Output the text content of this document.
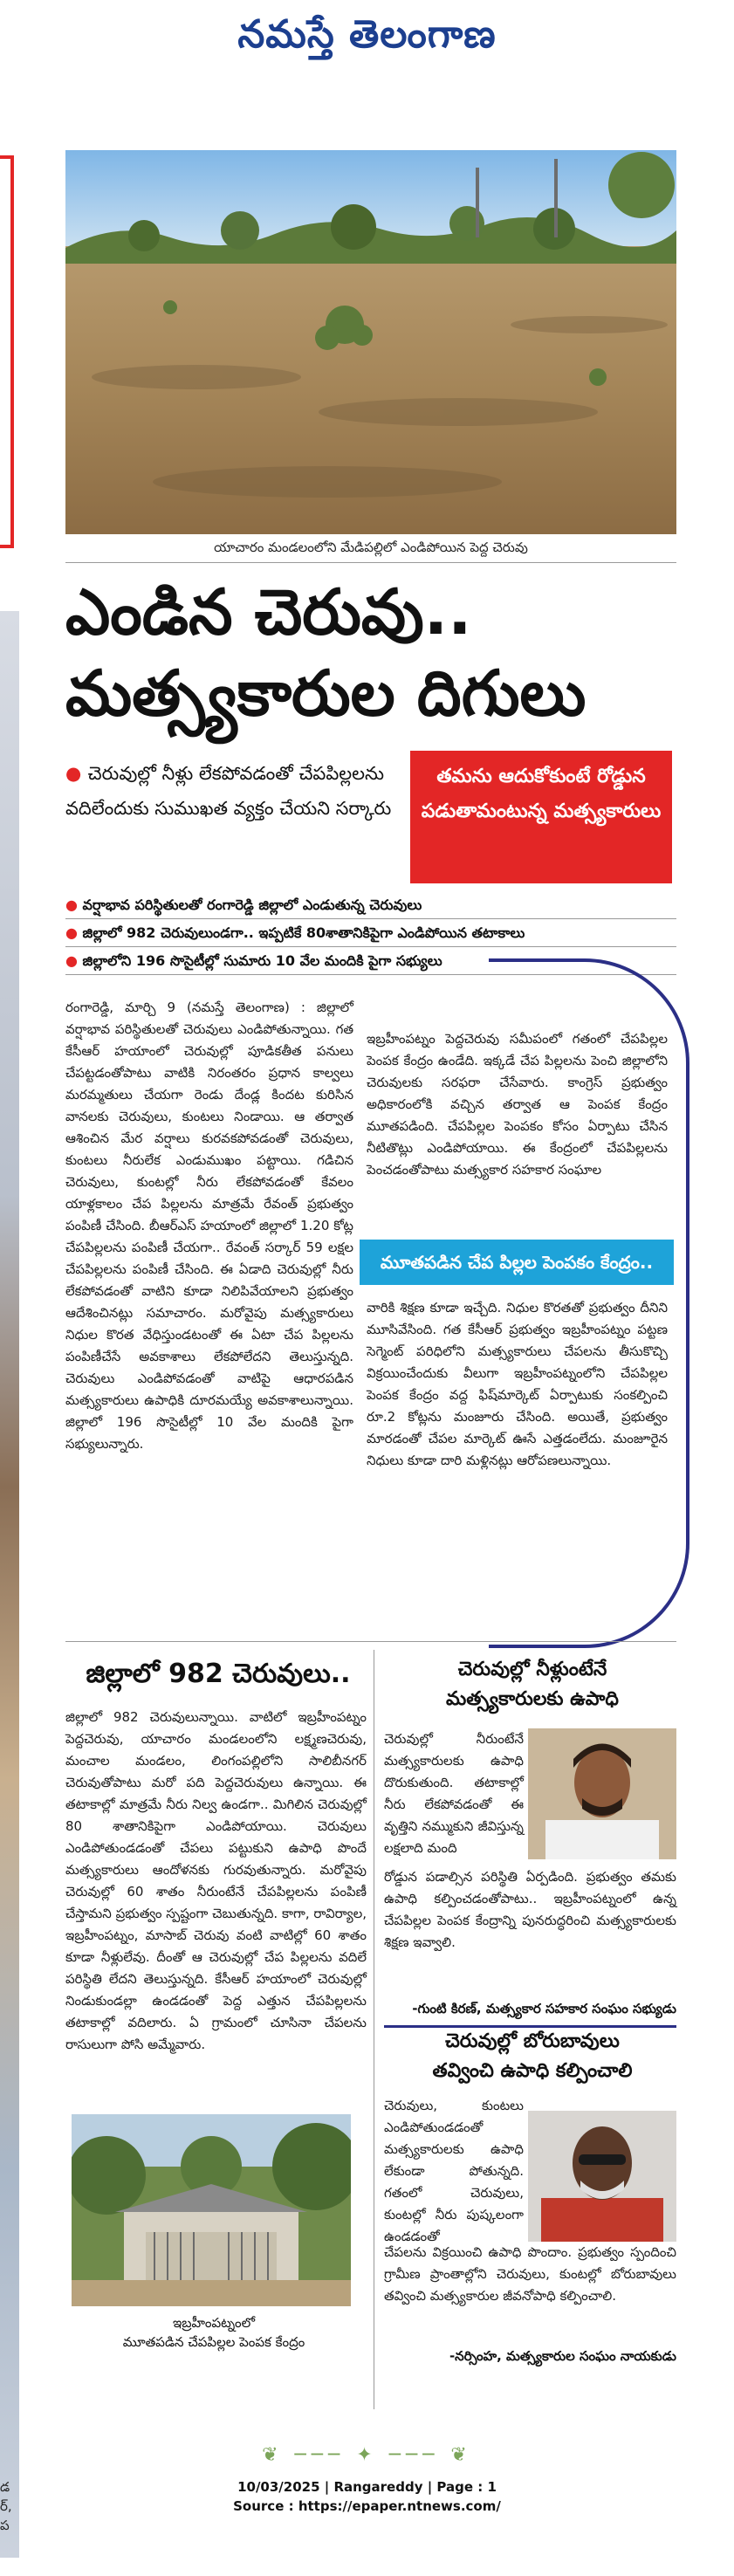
నమస్తే తెలంగాణ
డ
ర్,
ప
యాచారం మండలంలోని మేడిపల్లిలో ఎండిపోయిన పెద్ద చెరువు
ఎండిన చెరువు..
మత్స్యకారుల దిగులు
● చెరువుల్లో నీళ్లు లేకపోవడంతో చేపపిల్లలను వదిలేందుకు సుముఖత వ్యక్తం చేయని సర్కారు
తమను ఆదుకోకుంటే రోడ్డున పడుతామంటున్న మత్స్యకారులు
● వర్షాభావ పరిస్థితులతో రంగారెడ్డి జిల్లాలో ఎండుతున్న చెరువులు
● జిల్లాలో 982 చెరువులుండగా.. ఇప్పటికే 80శాతానికిపైగా ఎండిపోయిన తటాకాలు
● జిల్లాలోని 196 సొసైటీల్లో సుమారు 10 వేల మందికి పైగా సభ్యులు
రంగారెడ్డి, మార్చి 9 (నమస్తే తెలంగాణ) : జిల్లాలో వర్షాభావ పరిస్థితులతో చెరువులు ఎండిపోతున్నాయి. గత కేసీఆర్ హయాంలో చెరువుల్లో పూడికతీత పనులు చేపట్టడంతోపాటు వాటికి నిరంతరం ప్రధాన కాల్వలు మరమ్మతులు చేయగా రెండు దేండ్ల కిందట కురిసిన వానలకు చెరువులు, కుంటలు నిండాయి. ఆ తర్వాత ఆశించిన మేర వర్షాలు కురవకపోవడంతో చెరువులు, కుంటలు నీరులేక ఎండుముఖం పట్టాయి. గడిచిన చెరువులు, కుంటల్లో నీరు లేకపోవడంతో కేవలం యాళ్లకాలం చేప పిల్లలను మాత్రమే రేవంత్ ప్రభుత్వం పంపిణీ చేసింది. బీఆర్ఎస్ హయాంలో జిల్లాలో 1.20 కోట్ల చేపపిల్లలను పంపిణీ చేయగా.. రేవంత్ సర్కార్ 59 లక్షల చేపపిల్లలను పంపిణీ చేసింది. ఈ ఏడాది చెరువుల్లో నీరు లేకపోవడంతో వాటిని కూడా నిలిపివేయాలని ప్రభుత్వం ఆదేశించినట్లు సమాచారం. మరోవైపు మత్స్యకారులు నిధుల కొరత వేధిస్తుండటంతో ఈ ఏటా చేప పిల్లలను పంపిణీచేసే అవకాశాలు లేకపోలేదని తెలుస్తున్నది. చెరువులు ఎండిపోవడంతో వాటిపై ఆధారపడిన మత్స్యకారులు ఉపాధికి దూరమయ్యే అవకాశాలున్నాయి. జిల్లాలో 196 సొసైటీల్లో 10 వేల మందికి పైగా సభ్యులున్నారు.
ఇబ్రహీంపట్నం పెద్దచెరువు సమీపంలో గతంలో చేపపిల్లల పెంపక కేంద్రం ఉండేది. ఇక్కడే చేప పిల్లలను పెంచి జిల్లాలోని చెరువులకు సరఫరా చేసేవారు. కాంగ్రెస్ ప్రభుత్వం అధికారంలోకి వచ్చిన తర్వాత ఆ పెంపక కేంద్రం మూతపడింది. చేపపిల్లల పెంపకం కోసం ఏర్పాటు చేసిన నీటితొట్లు ఎండిపోయాయి. ఈ కేంద్రంలో చేపపిల్లలను పెంచడంతోపాటు మత్స్యకార సహకార సంఘాల
మూతపడిన చేప పిల్లల పెంపకం కేంద్రం..
వారికి శిక్షణ కూడా ఇచ్చేది. నిధుల కొరతతో ప్రభుత్వం దీనిని మూసివేసింది. గత కేసీఆర్ ప్రభుత్వం ఇబ్రహీంపట్నం పట్టణ సెగ్మెంట్ పరిధిలోని మత్స్యకారులు చేపలను తీసుకొచ్చి విక్రయించేందుకు వీలుగా ఇబ్రహీంపట్నంలోని చేపపిల్లల పెంపక కేంద్రం వద్ద ఫిష్‌మార్కెట్ ఏర్పాటుకు సంకల్పించి రూ.2 కోట్లను మంజూరు చేసింది. అయితే, ప్రభుత్వం మారడంతో చేపల మార్కెట్ ఊసే ఎత్తడంలేదు. మంజూరైన నిధులు కూడా దారి మళ్లినట్లు ఆరోపణలున్నాయి.
జిల్లాలో 982 చెరువులు..
జిల్లాలో 982 చెరువులున్నాయి. వాటిలో ఇబ్రహీంపట్నం పెద్దచెరువు, యాచారం మండలంలోని లక్ష్మణచెరువు, మంచాల మండలం, లింగంపల్లిలోని సాలిబీనగర్ చెరువుతోపాటు మరో పది పెద్దచెరువులు ఉన్నాయి. ఈ తటాకాల్లో మాత్రమే నీరు నిల్వ ఉండగా.. మిగిలిన చెరువుల్లో 80 శాతానికిపైగా ఎండిపోయాయి. చెరువులు ఎండిపోతుండడంతో చేపలు పట్టుకుని ఉపాధి పొందే మత్స్యకారులు ఆందోళనకు గురవుతున్నారు. మరోవైపు చెరువుల్లో 60 శాతం నీరుంటేనే చేపపిల్లలను పంపిణీ చేస్తామని ప్రభుత్వం స్పష్టంగా చెబుతున్నది. కాగా, రావిర్యాల, ఇబ్రహీంపట్నం, మాసాబ్ చెరువు వంటి వాటిల్లో 60 శాతం కూడా నీళ్లులేవు. దీంతో ఆ చెరువుల్లో చేప పిల్లలను వదిలే పరిస్థితి లేదని తెలుస్తున్నది. కేసీఆర్ హయాంలో చెరువుల్లో నిండుకుండల్లా ఉండడంతో పెద్ద ఎత్తున చేపపిల్లలను తటాకాల్లో వదిలారు. ఏ గ్రామంలో చూసినా చేపలను రాసులుగా పోసి అమ్మేవారు.
ఇబ్రహీంపట్నంలో
మూతపడిన చేపపిల్లల పెంపక కేంద్రం
చెరువుల్లో నీళ్లుంటేనే
మత్స్యకారులకు ఉపాధి
చెరువుల్లో నీరుంటేనే మత్స్యకారులకు ఉపాధి దొరుకుతుంది. తటాకాల్లో నీరు లేకపోవడంతో ఈ వృత్తిని నమ్ముకుని జీవిస్తున్న లక్షలాది మంది
రోడ్డున పడాల్సిన పరిస్థితి ఏర్పడింది. ప్రభుత్వం తమకు ఉపాధి కల్పించడంతోపాటు.. ఇబ్రహీంపట్నంలో ఉన్న చేపపిల్లల పెంపక కేంద్రాన్ని పునరుద్ధరించి మత్స్యకారులకు శిక్షణ ఇవ్వాలి.
-గుంటి కిరణ్, మత్స్యకార సహకార సంఘం సభ్యుడు
చెరువుల్లో బోరుబావులు
తవ్వించి ఉపాధి కల్పించాలి
చెరువులు, కుంటలు ఎండిపోతుండడంతో మత్స్యకారులకు ఉపాధి లేకుండా పోతున్నది. గతంలో చెరువులు, కుంటల్లో నీరు పుష్కలంగా ఉండడంతో
చేపలను విక్రయించి ఉపాధి పొందాం. ప్రభుత్వం స్పందించి గ్రామీణ ప్రాంతాల్లోని చెరువులు, కుంటల్లో బోరుబావులు తవ్వించి మత్స్యకారుల జీవనోపాధి కల్పించాలి.
-నర్సింహ, మత్స్యకారుల సంఘం నాయకుడు
❦ ─── ✦ ─── ❦
10/03/2025 | Rangareddy | Page : 1
Source : https://epaper.ntnews.com/
